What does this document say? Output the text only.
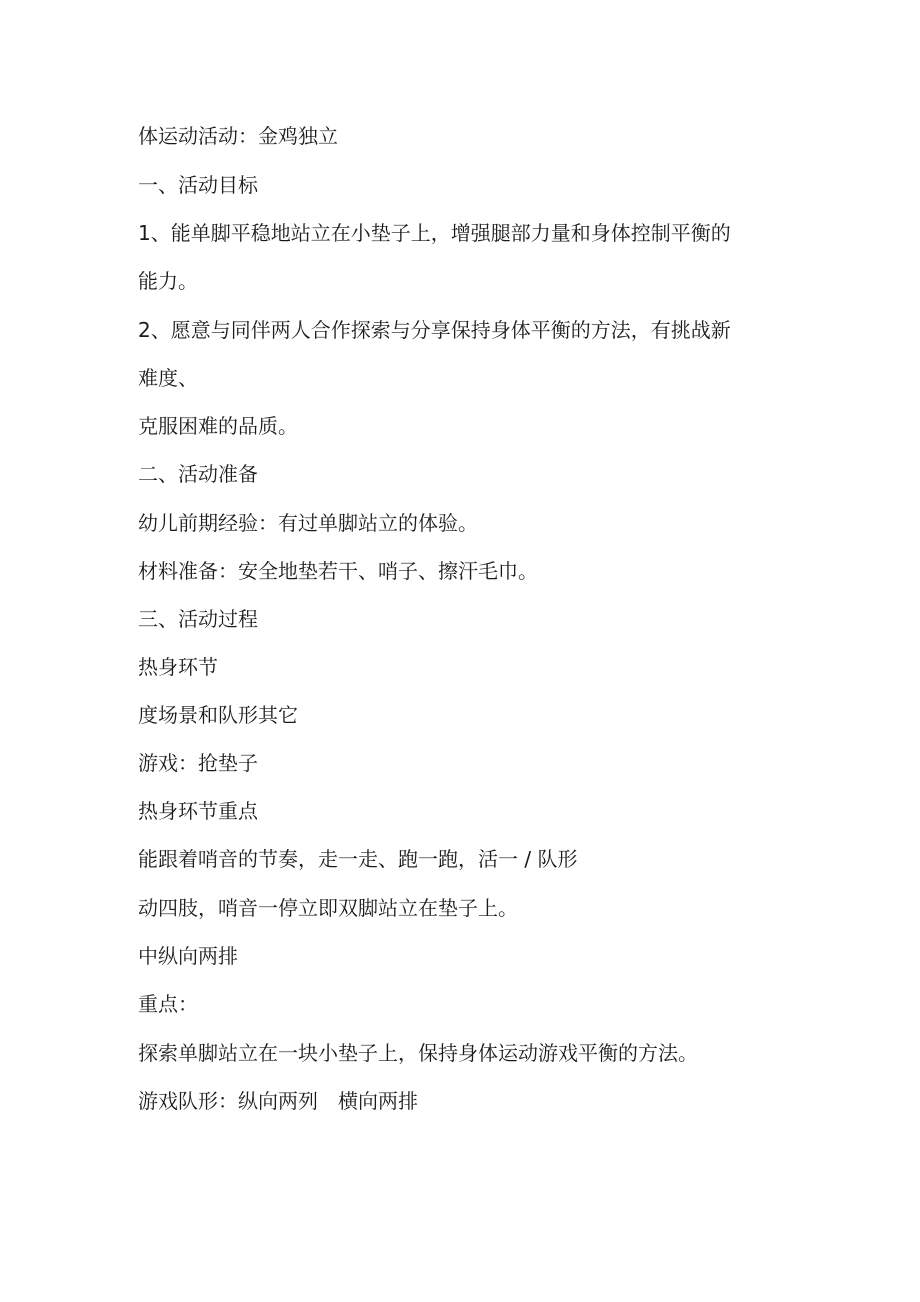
体运动活动：金鸡独立
一、活动目标
1、能单脚平稳地站立在小垫子上，增强腿部力量和身体控制平衡的
能力。
2、愿意与同伴两人合作探索与分享保持身体平衡的方法，有挑战新
难度、
克服困难的品质。
二、活动准备
幼儿前期经验：有过单脚站立的体验。
材料准备：安全地垫若干、哨子、擦汗毛巾。
三、活动过程
热身环节
度场景和队形其它
游戏：抢垫子
热身环节重点
能跟着哨音的节奏，走一走、跑一跑，活一 / 队形
动四肢，哨音一停立即双脚站立在垫子上。
中纵向两排
重点：
探索单脚站立在一块小垫子上，保持身体运动游戏平衡的方法。
游戏队形：纵向两列　横向两排
